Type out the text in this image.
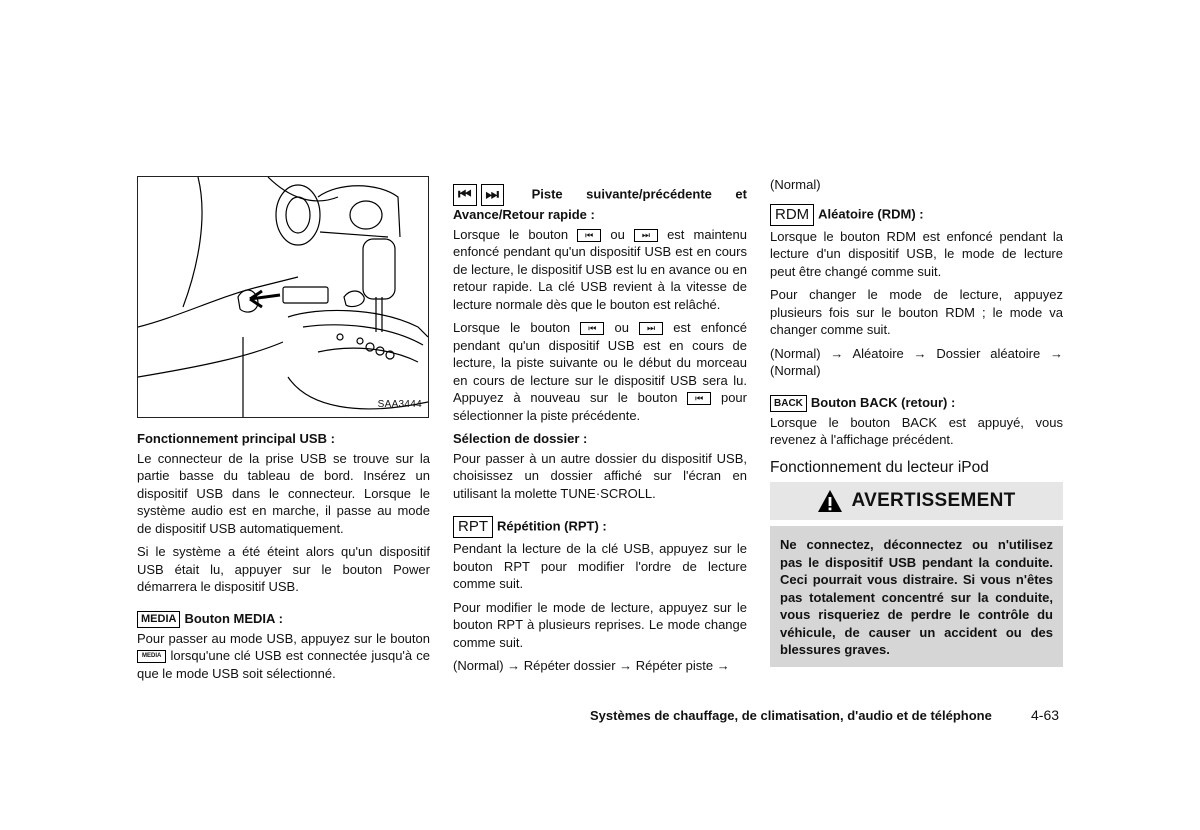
SAA3444

Fonctionnement principal USB :

Le connecteur de la prise USB se trouve sur la partie basse du tableau de bord. Insérez un dispositif USB dans le connecteur. Lorsque le système audio est en marche, il passe au mode de dispositif USB automatiquement.

Si le système a été éteint alors qu'un dispositif USB était lu, appuyer sur le bouton Power démarrera le dispositif USB.

MEDIA Bouton MEDIA :

Pour passer au mode USB, appuyez sur le bouton MEDIA lorsqu'une clé USB est connectée jusqu'à ce que le mode USB soit sélectionné.

⏮ ⏭	Piste suivante/précédente et Avance/Retour rapide :

Lorsque le bouton ⏮ ou ⏭ est maintenu enfoncé pendant qu'un dispositif USB est en cours de lecture, le dispositif USB est lu en avance ou en retour rapide. La clé USB revient à la vitesse de lecture normale dès que le bouton est relâché.

Lorsque le bouton ⏮ ou ⏭ est enfoncé pendant qu'un dispositif USB est en cours de lecture, la piste suivante ou le début du morceau en cours de lecture sur le dispositif USB sera lu. Appuyez à nouveau sur le bouton ⏮ pour sélectionner la piste précédente.

Sélection de dossier :

Pour passer à un autre dossier du dispositif USB, choisissez un dossier affiché sur l'écran en utilisant la molette TUNE·SCROLL.

RPT Répétition (RPT) :

Pendant la lecture de la clé USB, appuyez sur le bouton RPT pour modifier l'ordre de lecture comme suit.

Pour modifier le mode de lecture, appuyez sur le bouton RPT à plusieurs reprises. Le mode change comme suit.

(Normal) → Répéter dossier → Répéter piste →

(Normal)

RDM Aléatoire (RDM) :

Lorsque le bouton RDM est enfoncé pendant la lecture d'un dispositif USB, le mode de lecture peut être changé comme suit.

Pour changer le mode de lecture, appuyez plusieurs fois sur le bouton RDM ; le mode va changer comme suit.

(Normal) → Aléatoire → Dossier aléatoire → (Normal)

BACK Bouton BACK (retour) :

Lorsque le bouton BACK est appuyé, vous revenez à l'affichage précédent.

Fonctionnement du lecteur iPod
AVERTISSEMENT
Ne connectez, déconnectez ou n'utilisez pas le dispositif USB pendant la conduite. Ceci pourrait vous distraire. Si vous n'êtes pas totalement concentré sur la conduite, vous risqueriez de perdre le contrôle du véhicule, de causer un accident ou des blessures graves.
Systèmes de chauffage, de climatisation, d'audio et de téléphone	4-63
